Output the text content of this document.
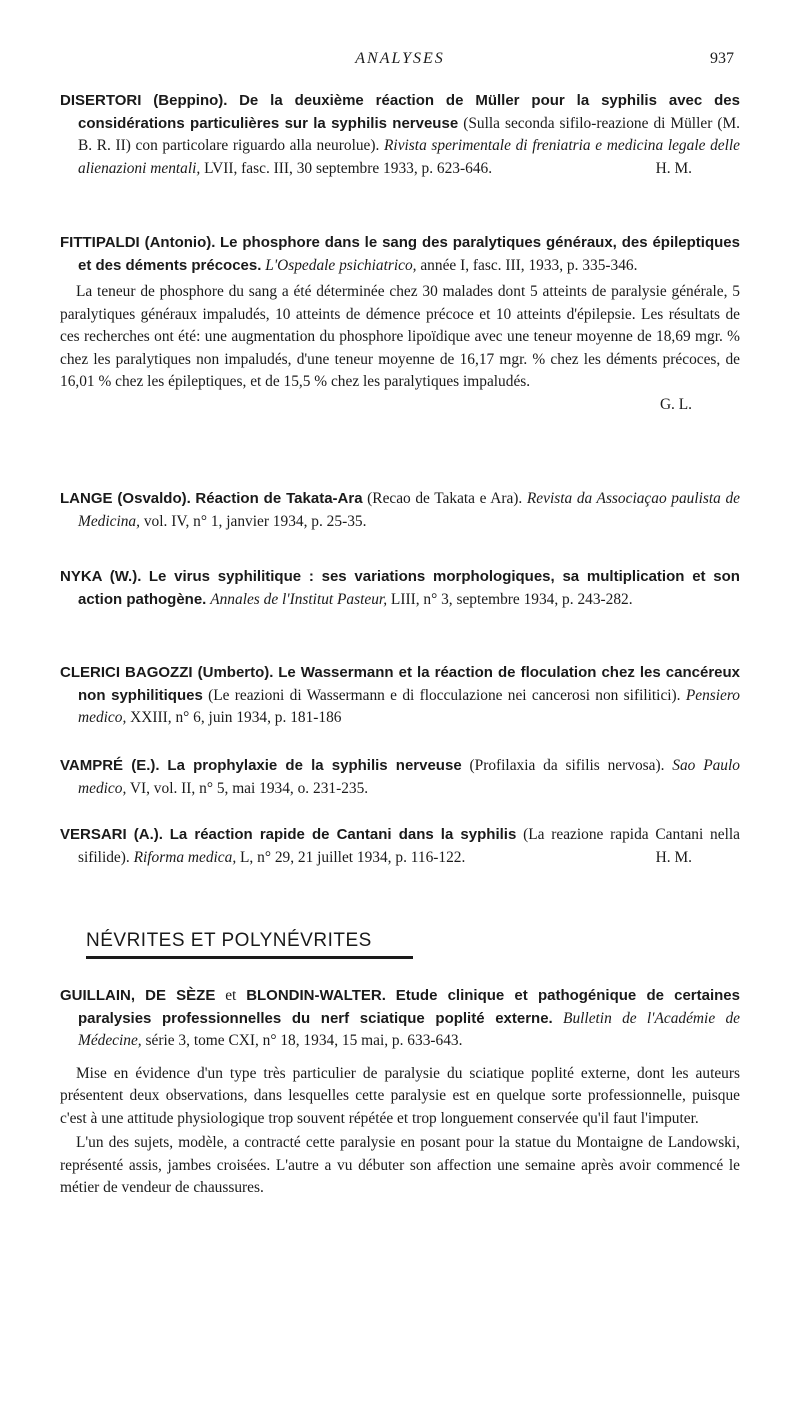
ANALYSES	937

DISERTORI (Beppino). De la deuxième réaction de Müller pour la syphilis avec des considérations particulières sur la syphilis nerveuse (Sulla seconda sifilo-reazione di Müller (M. B. R. II) con particolare riguardo alla neurolue). Rivista sperimentale di freniatria e medicina legale delle alienazioni mentali, LVII, fasc. III, 30 septembre 1933, p. 623-646.	H. M.

FITTIPALDI (Antonio). Le phosphore dans le sang des paralytiques généraux, des épileptiques et des déments précoces. L'Ospedale psichiatrico, année I, fasc. III, 1933, p. 335-346.

La teneur de phosphore du sang a été déterminée chez 30 malades dont 5 atteints de paralysie générale, 5 paralytiques généraux impaludés, 10 atteints de démence précoce et 10 atteints d'épilepsie. Les résultats de ces recherches ont été: une augmentation du phosphore lipoïdique avec une teneur moyenne de 18,69 mgr. % chez les paralytiques non impaludés, d'une teneur moyenne de 16,17 mgr. % chez les déments précoces, de 16,01 % chez les épileptiques, et de 15,5 % chez les paralytiques impaludés.

G. L.

LANGE (Osvaldo). Réaction de Takata-Ara (Recao de Takata e Ara). Revista da Associaçao paulista de Medicina, vol. IV, n° 1, janvier 1934, p. 25-35.

NYKA (W.). Le virus syphilitique : ses variations morphologiques, sa multiplication et son action pathogène. Annales de l'Institut Pasteur, LIII, n° 3, septembre 1934, p. 243-282.

CLERICI BAGOZZI (Umberto). Le Wassermann et la réaction de floculation chez les cancéreux non syphilitiques (Le reazioni di Wassermann e di flocculazione nei cancerosi non sifilitici). Pensiero medico, XXIII, n° 6, juin 1934, p. 181-186

VAMPRÉ (E.). La prophylaxie de la syphilis nerveuse (Profilaxia da sifilis nervosa). Sao Paulo medico, VI, vol. II, n° 5, mai 1934, o. 231-235.

VERSARI (A.). La réaction rapide de Cantani dans la syphilis (La reazione rapida Cantani nella sifilide). Riforma medica, L, n° 29, 21 juillet 1934, p. 116-122.	H. M.
NÉVRITES ET POLYNÉVRITES

GUILLAIN, DE SÈZE et BLONDIN-WALTER. Etude clinique et pathogénique de certaines paralysies professionnelles du nerf sciatique poplité externe. Bulletin de l'Académie de Médecine, série 3, tome CXI, n° 18, 1934, 15 mai, p. 633-643.

Mise en évidence d'un type très particulier de paralysie du sciatique poplité externe, dont les auteurs présentent deux observations, dans lesquelles cette paralysie est en quelque sorte professionnelle, puisque c'est à une attitude physiologique trop souvent répétée et trop longuement conservée qu'il faut l'imputer.

L'un des sujets, modèle, a contracté cette paralysie en posant pour la statue du Montaigne de Landowski, représenté assis, jambes croisées. L'autre a vu débuter son affection une semaine après avoir commencé le métier de vendeur de chaussures.
